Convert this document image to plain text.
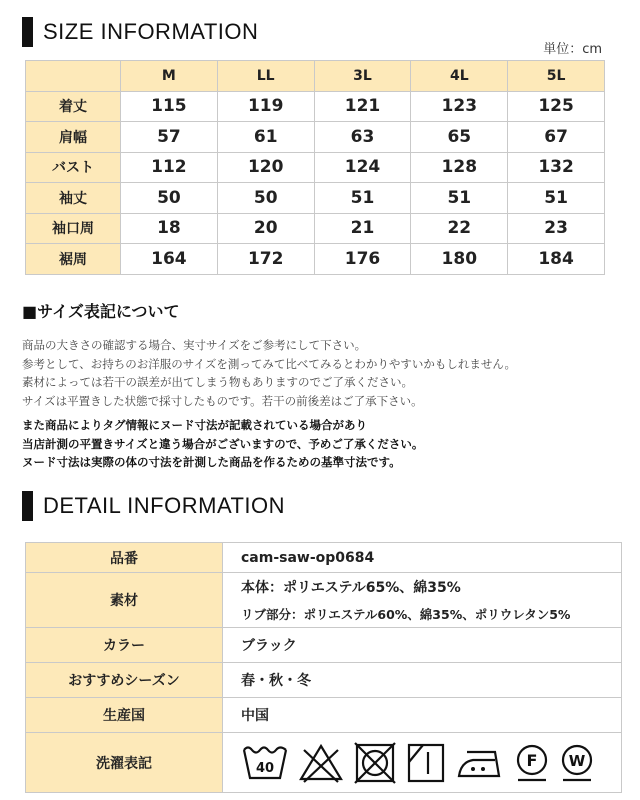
SIZE INFORMATION
単位：cm
	M	LL	3L	4L	5L
着丈	115	119	121	123	125
肩幅	57	61	63	65	67
バスト	112	120	124	128	132
袖丈	50	50	51	51	51
袖口周	18	20	21	22	23
裾周	164	172	176	180	184
■サイズ表記について
商品の大きさの確認する場合、実寸サイズをご参考にして下さい。
参考として、お持ちのお洋服のサイズを測ってみて比べてみるとわかりやすいかもしれません。
素材によっては若干の誤差が出てしまう物もありますのでご了承ください。
サイズは平置きした状態で採寸したものです。若干の前後差はご了承下さい。
また商品によりタグ情報にヌード寸法が記載されている場合があり
当店計測の平置きサイズと違う場合がございますので、予めご了承ください。
ヌード寸法は実際の体の寸法を計測した商品を作るための基準寸法です。
DETAIL INFORMATION
品番	cam-saw-op0684
素材	本体：ポリエステル65%、綿35%
リブ部分：ポリエステル60%、綿35%、ポリウレタン5%

カラー	ブラック
おすすめシーズン	春・秋・冬
生産国	中国
洗濯表記	40 F W
